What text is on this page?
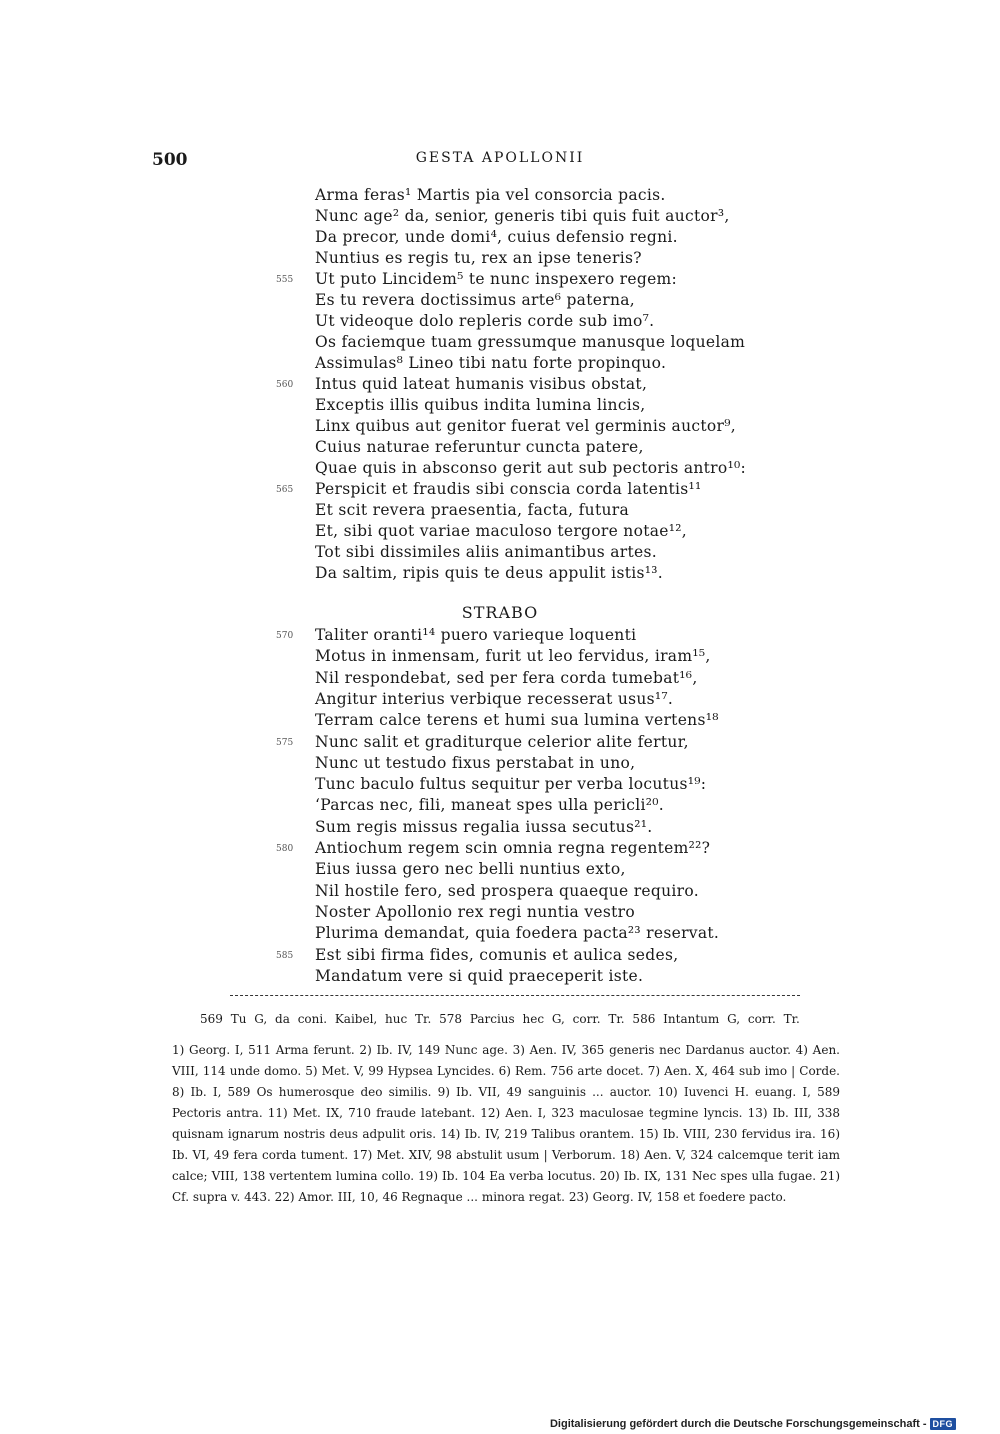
500	GESTA APOLLONII
Arma feras¹ Martis pia vel consorcia pacis.
Nunc age² da, senior, generis tibi quis fuit auctor³,
Da precor, unde domi⁴, cuius defensio regni.
Nuntius es regis tu, rex an ipse teneris?
Ut puto Lincidem⁵ te nunc inspexero regem:
555
Es tu revera doctissimus arte⁶ paterna,
Ut videoque dolo repleris corde sub imo⁷.
Os faciemque tuam gressumque manusque loquelam
Assimulas⁸ Lineo tibi natu forte propinquo.
Intus quid lateat humanis visibus obstat,
560
Exceptis illis quibus indita lumina lincis,
Linx quibus aut genitor fuerat vel germinis auctor⁹,
Cuius naturae referuntur cuncta patere,
Quae quis in absconso gerit aut sub pectoris antro¹⁰:
Perspicit et fraudis sibi conscia corda latentis¹¹
565
Et scit revera praesentia, facta, futura
Et, sibi quot variae maculoso tergore notae¹²,
Tot sibi dissimiles aliis animantibus artes.
Da saltim, ripis quis te deus appulit istis¹³.
STRABO
Taliter oranti¹⁴ puero varieque loquenti
570
Motus in inmensam, furit ut leo fervidus, iram¹⁵,
Nil respondebat, sed per fera corda tumebat¹⁶,
Angitur interius verbique recesserat usus¹⁷.
Terram calce terens et humi sua lumina vertens¹⁸
Nunc salit et graditurque celerior alite fertur,
575
Nunc ut testudo fixus perstabat in uno,
Tunc baculo fultus sequitur per verba locutus¹⁹:
‘Parcas nec, fili, maneat spes ulla pericli²⁰.
Sum regis missus regalia iussa secutus²¹.
Antiochum regem scin omnia regna regentem²²?
580
Eius iussa gero nec belli nuntius exto,
Nil hostile fero, sed prospera quaeque requiro.
Noster Apollonio rex regi nuntia vestro
Plurima demandat, quia foedera pacta²³ reservat.
Est sibi firma fides, comunis et aulica sedes,
585
Mandatum vere si quid praeceperit iste.
569 Tu G, da coni. Kaibel, huc Tr. 578 Parcius hec G, corr. Tr. 586 Intantum G, corr. Tr.
1) Georg. I, 511 Arma ferunt. 2) Ib. IV, 149 Nunc age. 3) Aen. IV, 365 generis nec Dardanus auctor. 4) Aen. VIII, 114 unde domo. 5) Met. V, 99 Hypsea Lyncides. 6) Rem. 756 arte docet. 7) Aen. X, 464 sub imo | Corde. 8) Ib. I, 589 Os humerosque deo similis. 9) Ib. VII, 49 sanguinis ... auctor. 10) Iuvenci H. euang. I, 589 Pectoris antra. 11) Met. IX, 710 fraude latebant. 12) Aen. I, 323 maculosae tegmine lyncis. 13) Ib. III, 338 quisnam ignarum nostris deus adpulit oris. 14) Ib. IV, 219 Talibus orantem. 15) Ib. VIII, 230 fervidus ira. 16) Ib. VI, 49 fera corda tument. 17) Met. XIV, 98 abstulit usum | Verborum. 18) Aen. V, 324 calcemque terit iam calce; VIII, 138 vertentem lumina collo. 19) Ib. 104 Ea verba locutus. 20) Ib. IX, 131 Nec spes ulla fugae. 21) Cf. supra v. 443. 22) Amor. III, 10, 46 Regnaque ... minora regat. 23) Georg. IV, 158 et foedere pacto.
Digitalisierung gefördert durch die Deutsche Forschungsgemeinschaft - DFG
